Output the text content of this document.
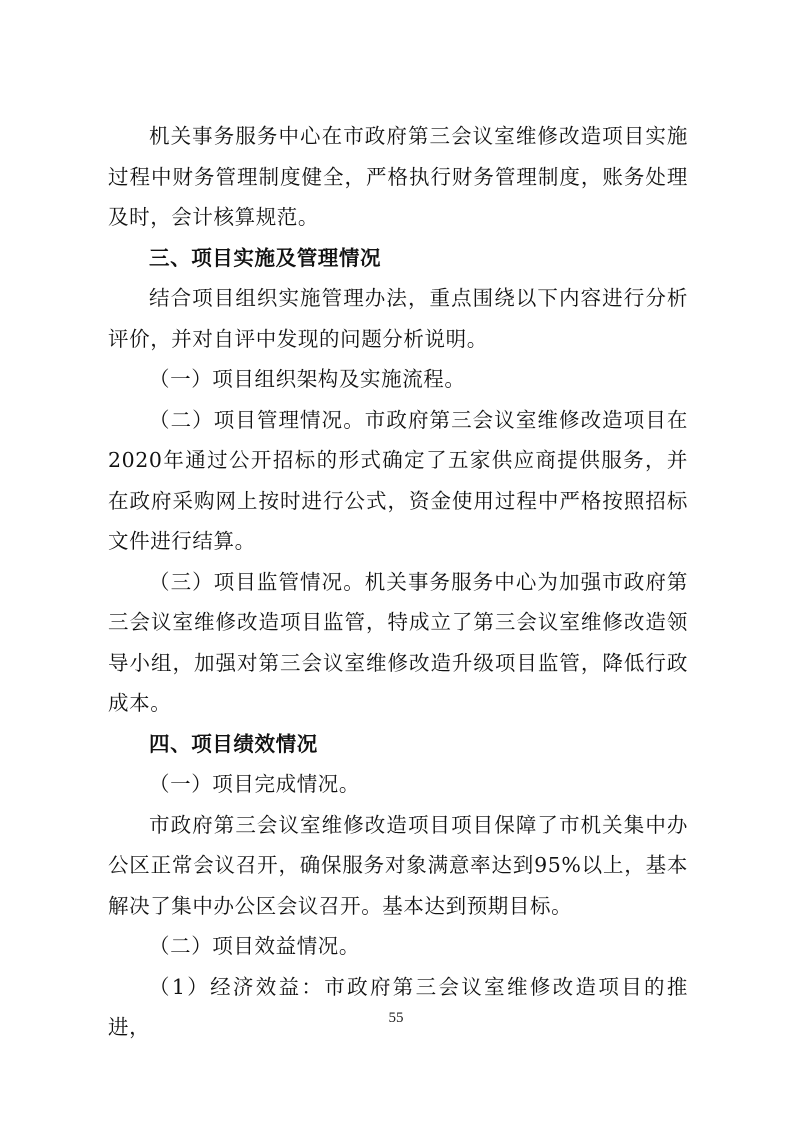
机关事务服务中心在市政府第三会议室维修改造项目实施过程中财务管理制度健全，严格执行财务管理制度，账务处理及时，会计核算规范。

三、项目实施及管理情况

结合项目组织实施管理办法，重点围绕以下内容进行分析评价，并对自评中发现的问题分析说明。

（一）项目组织架构及实施流程。

（二）项目管理情况。市政府第三会议室维修改造项目在2020年通过公开招标的形式确定了五家供应商提供服务，并在政府采购网上按时进行公式，资金使用过程中严格按照招标文件进行结算。

（三）项目监管情况。机关事务服务中心为加强市政府第三会议室维修改造项目监管，特成立了第三会议室维修改造领导小组，加强对第三会议室维修改造升级项目监管，降低行政成本。

四、项目绩效情况

（一）项目完成情况。

市政府第三会议室维修改造项目项目保障了市机关集中办公区正常会议召开，确保服务对象满意率达到95%以上，基本解决了集中办公区会议召开。基本达到预期目标。

（二）项目效益情况。

（1）经济效益：市政府第三会议室维修改造项目的推进，	55
